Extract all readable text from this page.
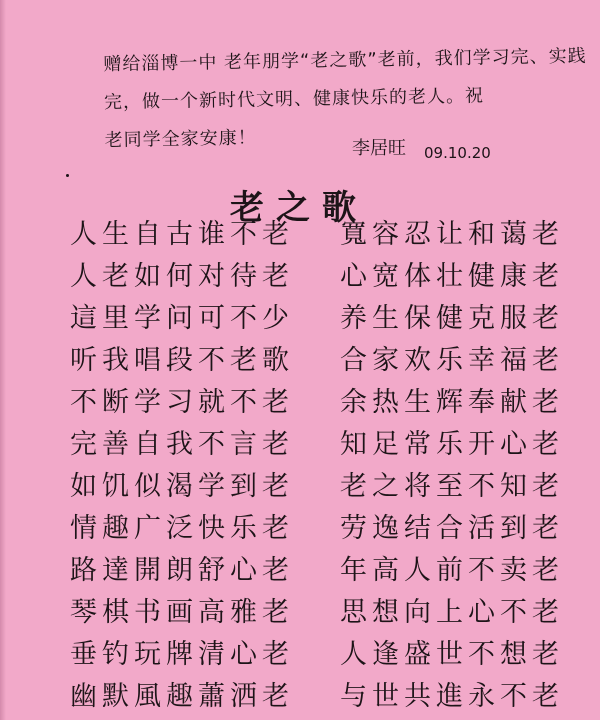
赠给淄博一中 老年朋学“老之歌”老前，我们学习完、实践
完，做一个新时代文明、健康快乐的老人。祝
老同学全家安康！	李居旺 09.10.20
老之歌
人生自古谁不老
人老如何对待老
這里学问可不少
听我唱段不老歌
不断学习就不老
完善自我不言老
如饥似渴学到老
情趣广泛快乐老
路達開朗舒心老
琴棋书画高雅老
垂钓玩牌清心老
幽默風趣蕭洒老
寬容忍让和蔼老
心宽体壮健康老
养生保健克服老
合家欢乐幸福老
余热生辉奉献老
知足常乐开心老
老之将至不知老
劳逸结合活到老
年高人前不卖老
思想向上心不老
人逢盛世不想老
与世共進永不老
